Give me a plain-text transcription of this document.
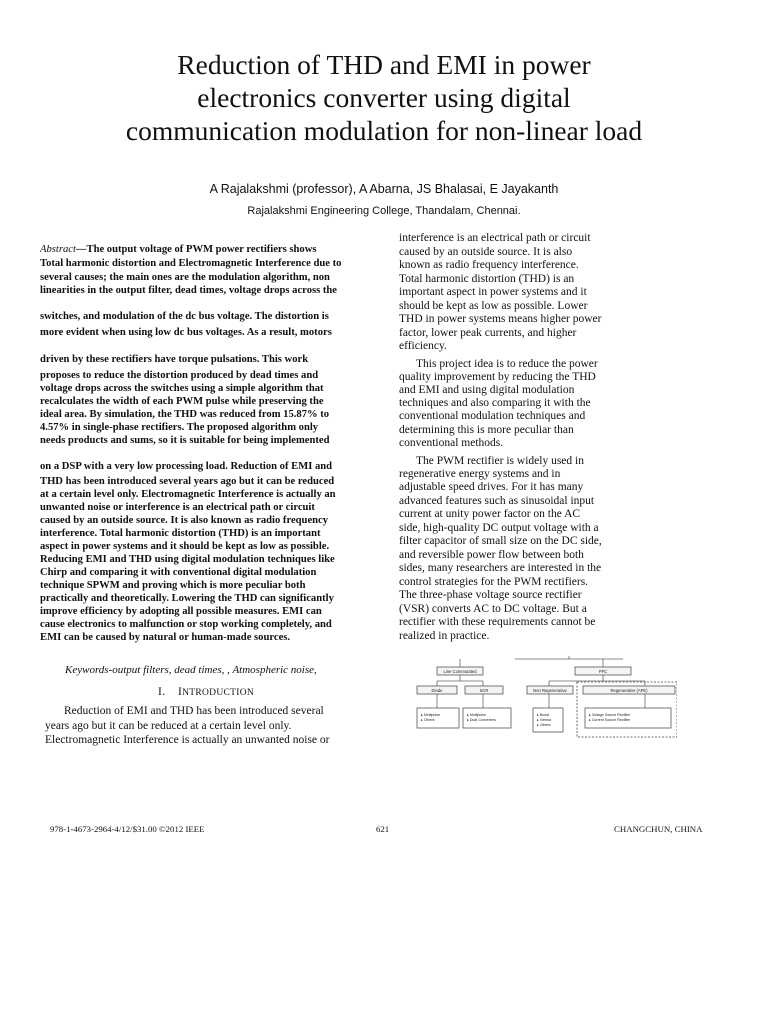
Reduction of THD and EMI in power
electronics converter using digital
communication modulation for non-linear load
A Rajalakshmi (professor), A Abarna, JS Bhalasai, E Jayakanth
Rajalakshmi Engineering College, Thandalam, Chennai.
Abstract—The output voltage of PWM power rectifiers shows
Total harmonic distortion and Electromagnetic Interference due to
several causes; the main ones are the modulation algorithm, non
linearities in the output filter, dead times, voltage drops across the
switches, and modulation of the dc bus voltage. The distortion is
more evident when using low dc bus voltages. As a result, motors
driven by these rectifiers have torque pulsations. This work
proposes to reduce the distortion produced by dead times and
voltage drops across the switches using a simple algorithm that
recalculates the width of each PWM pulse while preserving the
ideal area. By simulation, the THD was reduced from 15.87% to
4.57% in single-phase rectifiers. The proposed algorithm only
needs products and sums, so it is suitable for being implemented
on a DSP with a very low processing load. Reduction of EMI and
THD has been introduced several years ago but it can be reduced
at a certain level only. Electromagnetic Interference is actually an
unwanted noise or interference is an electrical path or circuit
caused by an outside source. It is also known as radio frequency
interference. Total harmonic distortion (THD) is an important
aspect in power systems and it should be kept as low as possible.
Reducing EMI and THD using digital modulation techniques like
Chirp and comparing it with conventional digital modulation
technique SPWM and proving which is more peculiar both
practically and theoretically. Lowering the THD can significantly
improve efficiency by adopting all possible measures. EMI can
cause electronics to malfunction or stop working completely, and
EMI can be caused by natural or human-made sources.
Keywords-output filters, dead times, , Atmospheric noise,
I. INTRODUCTION
Reduction of EMI and THD has been introduced several
years ago but it can be reduced at a certain level only.
Electromagnetic Interference is actually an unwanted noise or
interference is an electrical path or circuit
caused by an outside source. It is also
known as radio frequency interference.
Total harmonic distortion (THD) is an
important aspect in power systems and it
should be kept as low as possible. Lower
THD in power systems means higher power
factor, lower peak currents, and higher
efficiency.
This project idea is to reduce the power
quality improvement by reducing the THD
and EMI and using digital modulation
techniques and also comparing it with the
conventional modulation techniques and
determining this is more peculiar than
conventional methods.
The PWM rectifier is widely used in
regenerative energy systems and in
adjustable speed drives. For it has many
advanced features such as sinusoidal input
current at unity power factor on the AC
side, high-quality DC output voltage with a
filter capacitor of small size on the DC side,
and reversible power flow between both
sides, many researchers are interested in the
control strategies for the PWM rectifiers.
The three-phase voltage source rectifier
(VSR) converts AC to DC voltage. But a
rectifier with these requirements cannot be
realized in practice.
Line Commutated	PFC
Diode	SCR	Non Regenerative	Regenerative (AFE)
▸ Multipulse
▸ Others
▸ Multipulse
▸ Dual Converters
▸ Boost
▸ Vienna
▸ Others
▸ Voltage Source Rectifier
▸ Current Source Rectifier
978-1-4673-2964-4/12/$31.00 ©2012 IEEE	621	CHANGCHUN, CHINA
